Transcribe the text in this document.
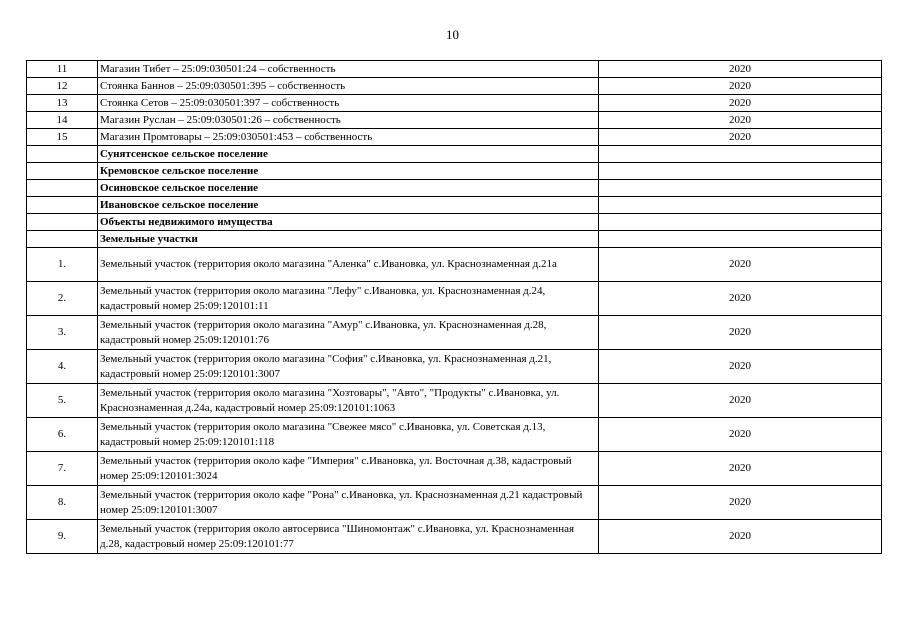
10
11	Магазин Тибет – 25:09:030501:24 – собственность	2020
12	Стоянка Баннов – 25:09:030501:395 – собственность	2020
13	Стоянка Сетов – 25:09:030501:397 – собственность	2020
14	Магазин Руслан – 25:09:030501:26 – собственность	2020
15	Магазин Промтовары – 25:09:030501:453 – собственность	2020
	Сунятсенское сельское поселение	
	Кремовское сельское поселение	
	Осиновское сельское поселение	
	Ивановское сельское поселение	
	Объекты недвижимого имущества	
	Земельные участки	
1.	Земельный участок (территория около магазина "Аленка" с.Ивановка, ул. Краснознаменная д.21а	2020
2.	Земельный участок (территория около магазина "Лефу" с.Ивановка, ул. Краснознаменная д.24, кадастровый номер 25:09:120101:11	2020
3.	Земельный участок (территория около магазина "Амур" с.Ивановка, ул. Краснознаменная д.28, кадастровый номер 25:09:120101:76	2020
4.	Земельный участок (территория около магазина "София" с.Ивановка, ул. Краснознаменная д.21, кадастровый номер 25:09:120101:3007	2020
5.	Земельный участок (территория около магазина "Хозтовары", "Авто", "Продукты" с.Ивановка, ул. Краснознаменная д.24а, кадастровый номер 25:09:120101:1063	2020
6.	Земельный участок (территория около магазина "Свежее мясо" с.Ивановка, ул. Советская д.13, кадастровый номер 25:09:120101:118	2020
7.	Земельный участок (территория около кафе "Империя" с.Ивановка, ул. Восточная д.38, кадастровый номер 25:09:120101:3024	2020
8.	Земельный участок (территория около кафе "Рона" с.Ивановка, ул. Краснознаменная д.21 кадастровый номер 25:09:120101:3007	2020
9.	Земельный участок (территория около автосервиса "Шиномонтаж" с.Ивановка, ул. Краснознаменная д.28, кадастровый номер 25:09:120101:77	2020
